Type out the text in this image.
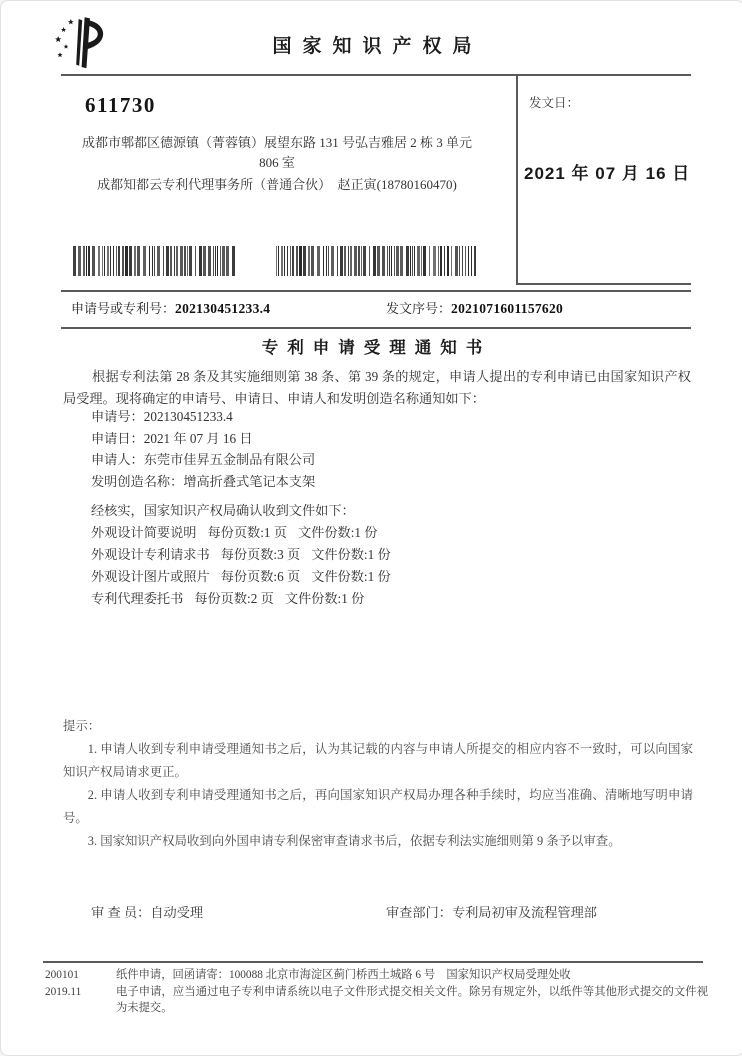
国家知识产权局
发文日：
2021 年 07 月 16 日
611730
成都市郫都区德源镇（菁蓉镇）展望东路 131 号弘吉雅居 2 栋 3 单元
806 室
成都知都云专利代理事务所（普通合伙）　赵正寅(18780160470)
申请号或专利号：202130451233.4	发文序号：2021071601157620
专利申请受理通知书
根据专利法第 28 条及其实施细则第 38 条、第 39 条的规定，申请人提出的专利申请已由国家知识产权局受理。现将确定的申请号、申请日、申请人和发明创造名称通知如下：
申请号：202130451233.4
申请日：2021 年 07 月 16 日
申请人：东莞市佳昇五金制品有限公司
发明创造名称：增高折叠式笔记本支架
经核实，国家知识产权局确认收到文件如下：
外观设计简要说明 每份页数:1 页 文件份数:1 份
外观设计专利请求书 每份页数:3 页 文件份数:1 份
外观设计图片或照片 每份页数:6 页 文件份数:1 份
专利代理委托书 每份页数:2 页 文件份数:1 份

提示：

1. 申请人收到专利申请受理通知书之后，认为其记载的内容与申请人所提交的相应内容不一致时，可以向国家知识产权局请求更正。

2. 申请人收到专利申请受理通知书之后，再向国家知识产权局办理各种手续时，均应当准确、清晰地写明申请号。

3. 国家知识产权局收到向外国申请专利保密审查请求书后，依据专利法实施细则第 9 条予以审查。

审 查 员：自动受理	审查部门：专利局初审及流程管理部
200101
2019.11

纸件申请，回函请寄：100088 北京市海淀区蓟门桥西土城路 6 号　国家知识产权局受理处收

电子申请，应当通过电子专利申请系统以电子文件形式提交相关文件。除另有规定外，以纸件等其他形式提交的文件视为未提交。
